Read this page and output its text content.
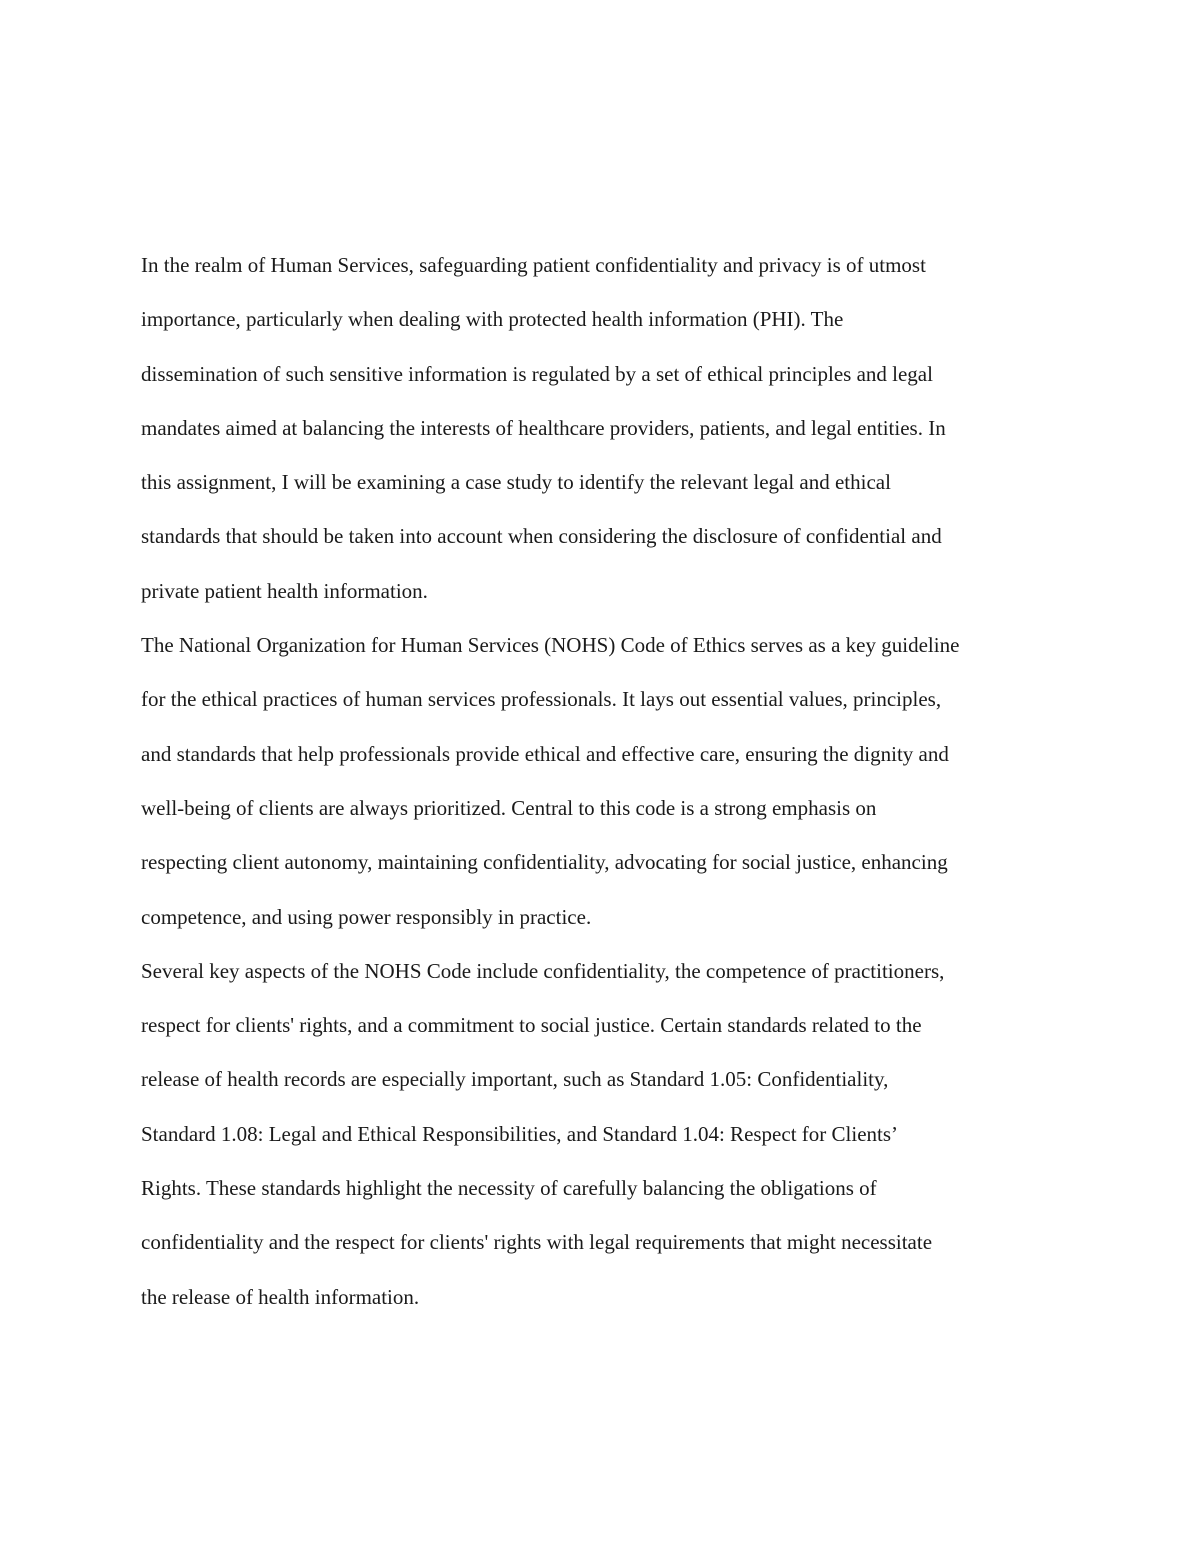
In the realm of Human Services, safeguarding patient confidentiality and privacy is of utmost
importance, particularly when dealing with protected health information (PHI). The
dissemination of such sensitive information is regulated by a set of ethical principles and legal
mandates aimed at balancing the interests of healthcare providers, patients, and legal entities. In
this assignment, I will be examining a case study to identify the relevant legal and ethical
standards that should be taken into account when considering the disclosure of confidential and
private patient health information.
The National Organization for Human Services (NOHS) Code of Ethics serves as a key guideline
for the ethical practices of human services professionals. It lays out essential values, principles,
and standards that help professionals provide ethical and effective care, ensuring the dignity and
well-being of clients are always prioritized. Central to this code is a strong emphasis on
respecting client autonomy, maintaining confidentiality, advocating for social justice, enhancing
competence, and using power responsibly in practice.
Several key aspects of the NOHS Code include confidentiality, the competence of practitioners,
respect for clients' rights, and a commitment to social justice. Certain standards related to the
release of health records are especially important, such as Standard 1.05: Confidentiality,
Standard 1.08: Legal and Ethical Responsibilities, and Standard 1.04: Respect for Clients’
Rights. These standards highlight the necessity of carefully balancing the obligations of
confidentiality and the respect for clients' rights with legal requirements that might necessitate
the release of health information.
